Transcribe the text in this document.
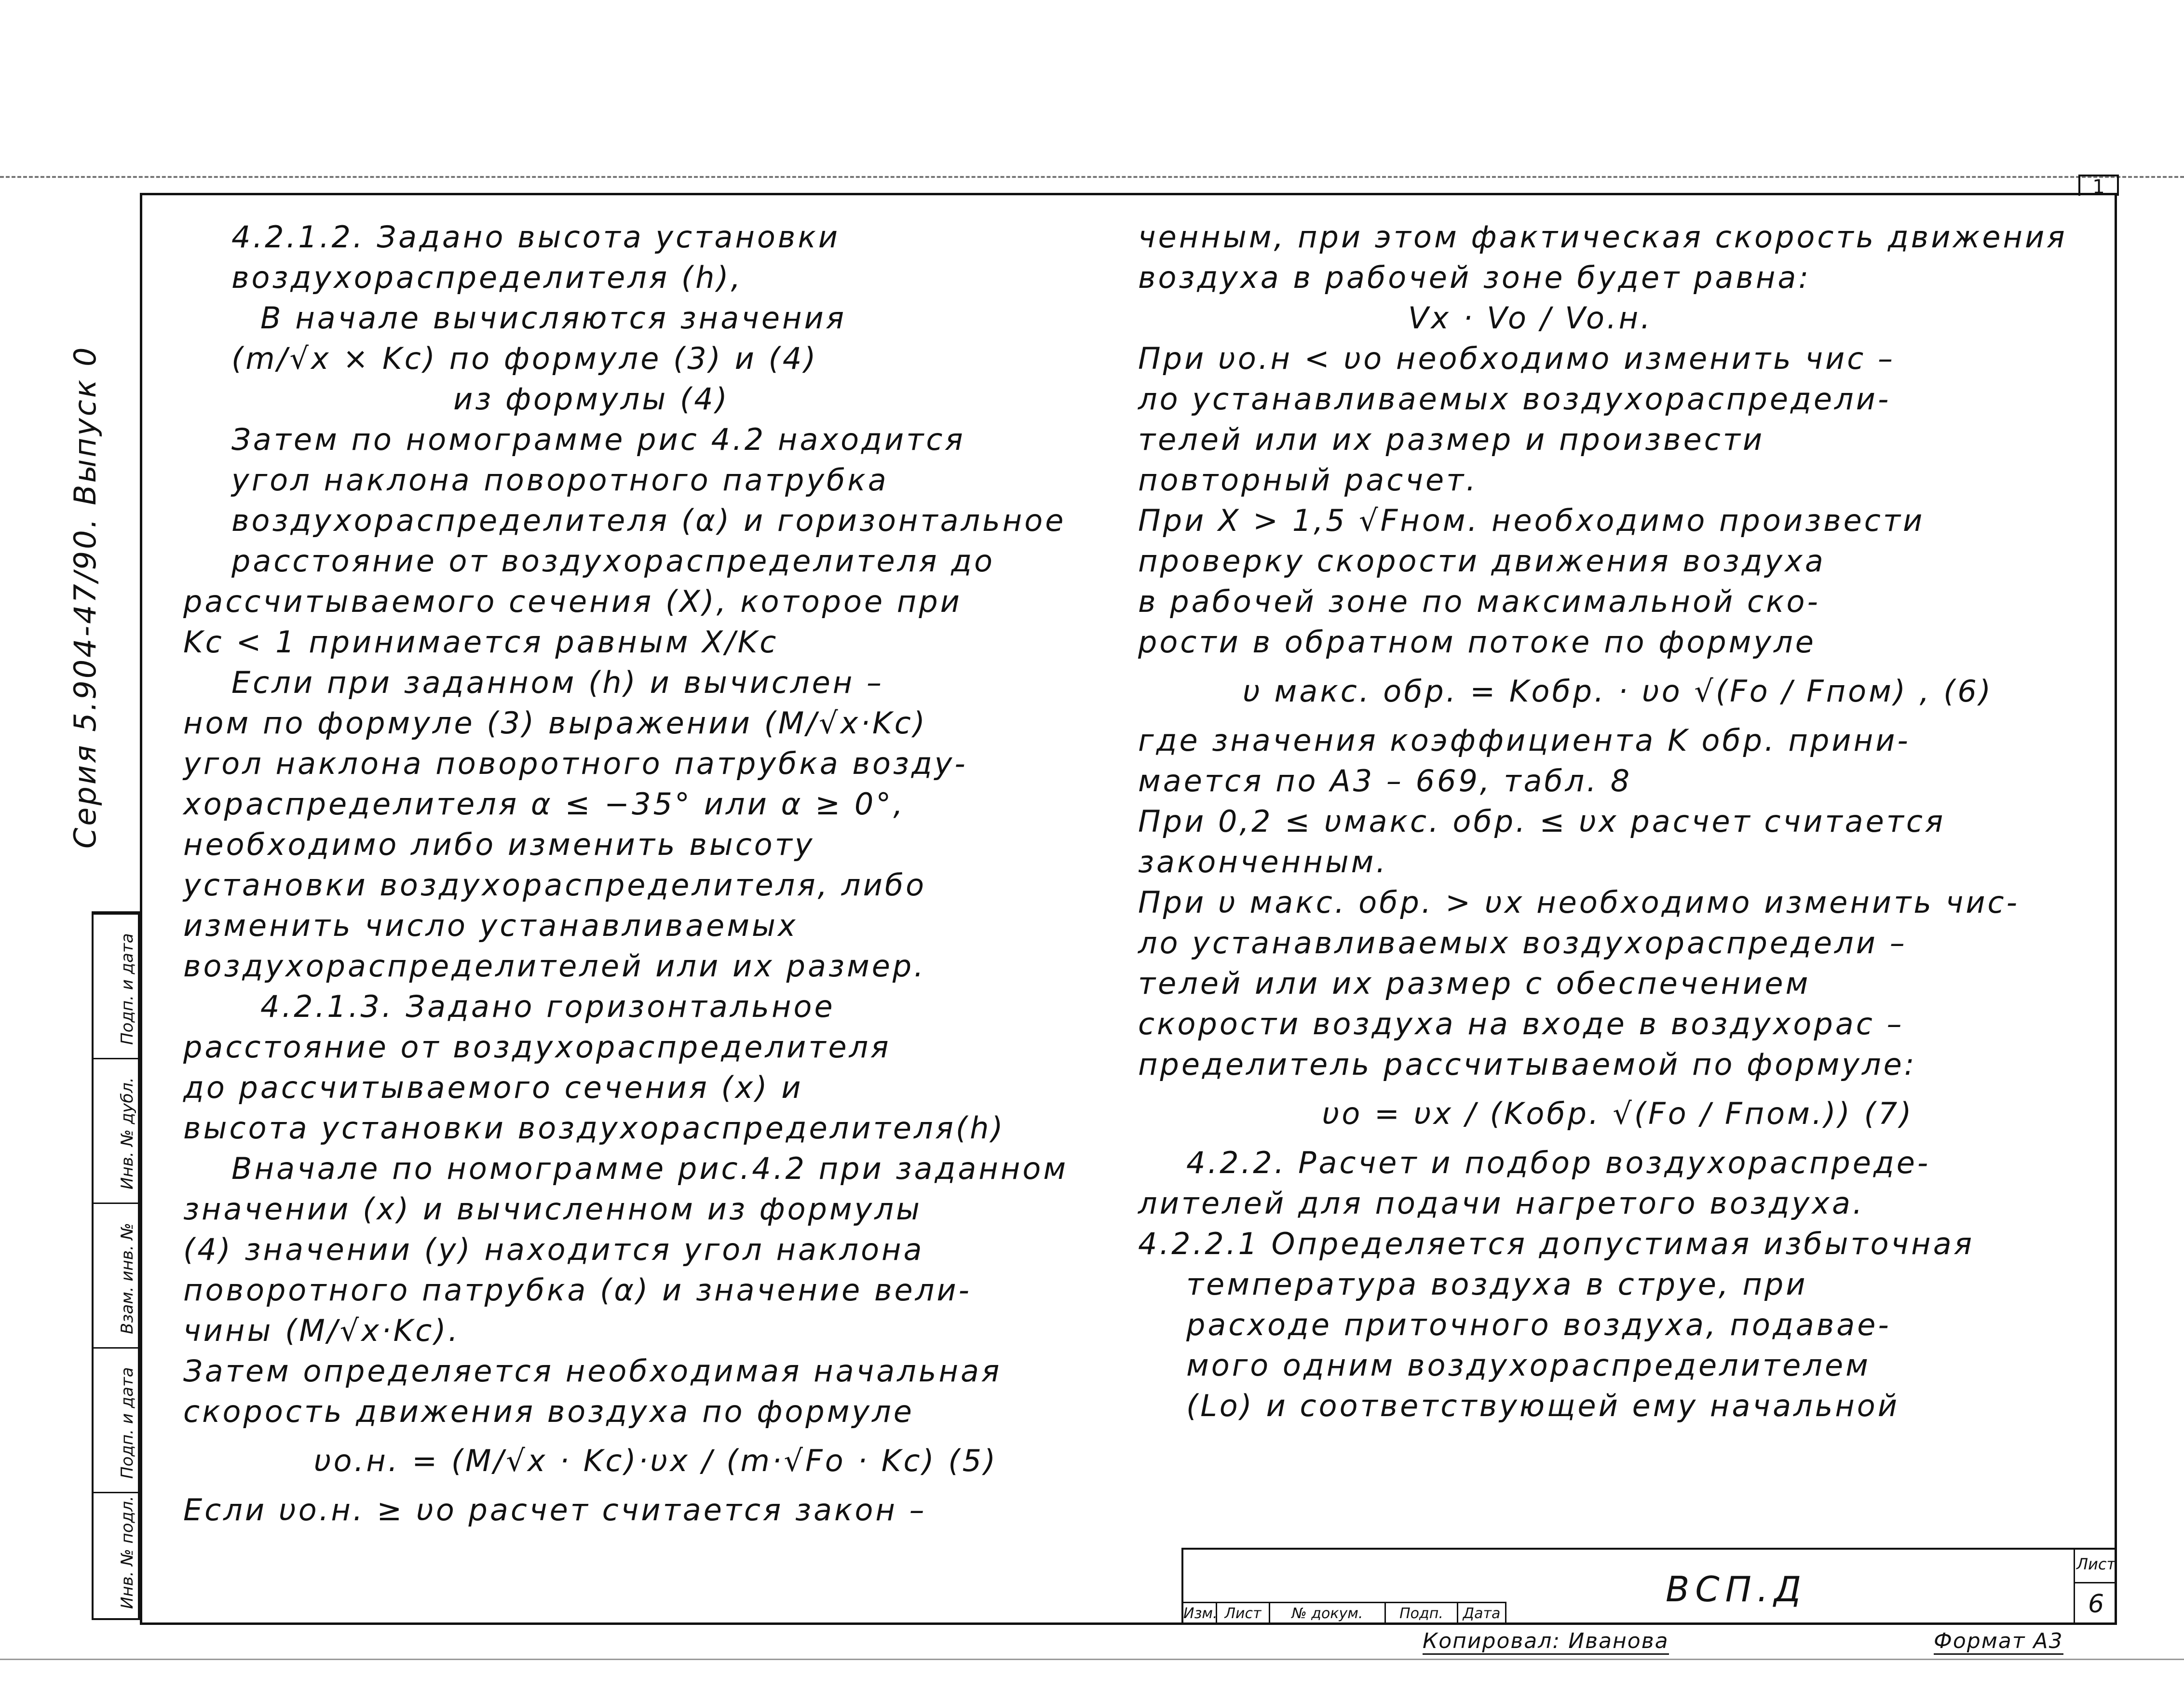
1
Серия 5.904-47/90. Выпуск 0
Подп. и дата
Инв. № дубл.
Взам. инв. №
Подп. и дата
Инв. № подл.
4.2.1.2. Задано высота установки
воздухораспределителя (h),
В начале вычисляются значения
(m/√x × Kc) по формуле (3) и (4)
из формулы (4)
Затем по номограмме рис 4.2 находится
угол наклона поворотного патрубка
воздухораспределителя (α) и горизонтальное
расстояние от воздухораспределителя до
рассчитываемого сечения (X), которое при
Kc < 1 принимается равным X/Kc
Если при заданном (h) и вычислен –
ном по формуле (3) выражении (M/√x·Kc)
угол наклона поворотного патрубка возду-
хораспределителя α ≤ −35° или α ≥ 0°,
необходимо либо изменить высоту
установки воздухораспределителя, либо
изменить число устанавливаемых
воздухораспределителей или их размер.
4.2.1.3. Задано горизонтальное
расстояние от воздухораспределителя
до рассчитываемого сечения (x) и
высота установки воздухораспределителя(h)
Вначале по номограмме рис.4.2 при заданном
значении (x) и вычисленном из формулы
(4) значении (y) находится угол наклона
поворотного патрубка (α) и значение вели-
чины (M/√x·Kc).
Затем определяется необходимая начальная
скорость движения воздуха по формуле
υо.н. = (M/√x · Kc)·υx / (m·√Fo · Kc) (5)
Если υо.н. ≥ υо расчет считается закон –
ченным, при этом фактическая скорость движения
воздуха в рабочей зоне будет равна:
Vx · Vo / Vo.н.
При υо.н < υо необходимо изменить чис –
ло устанавливаемых воздухораспредели-
телей или их размер и произвести
повторный расчет.
При X > 1,5 √Fном. необходимо произвести
проверку скорости движения воздуха
в рабочей зоне по максимальной ско-
рости в обратном потоке по формуле
υ макс. обр. = Kобр. · υо √(Fo / Fпом) , (6)
где значения коэффициента K обр. прини-
мается по А3 – 669, табл. 8
При 0,2 ≤ υмакс. обр. ≤ υx расчет считается
законченным.
При υ макс. обр. > υx необходимо изменить чис-
ло устанавливаемых воздухораспредели –
телей или их размер с обеспечением
скорости воздуха на входе в воздухорас –
пределитель рассчитываемой по формуле:
υо = υx / (Kобр. √(Fo / Fпом.)) (7)
4.2.2. Расчет и подбор воздухораспреде-
лителей для подачи нагретого воздуха.
4.2.2.1 Определяется допустимая избыточная
температура воздуха в струе, при
расходе приточного воздуха, подавае-
мого одним воздухораспределителем
(Lo) и соответствующей ему начальной
Изм. Лист	№ докум.	Подп.	Дата
ВСП.Д
Лист
6
Копировал: Иванова	Формат А3
